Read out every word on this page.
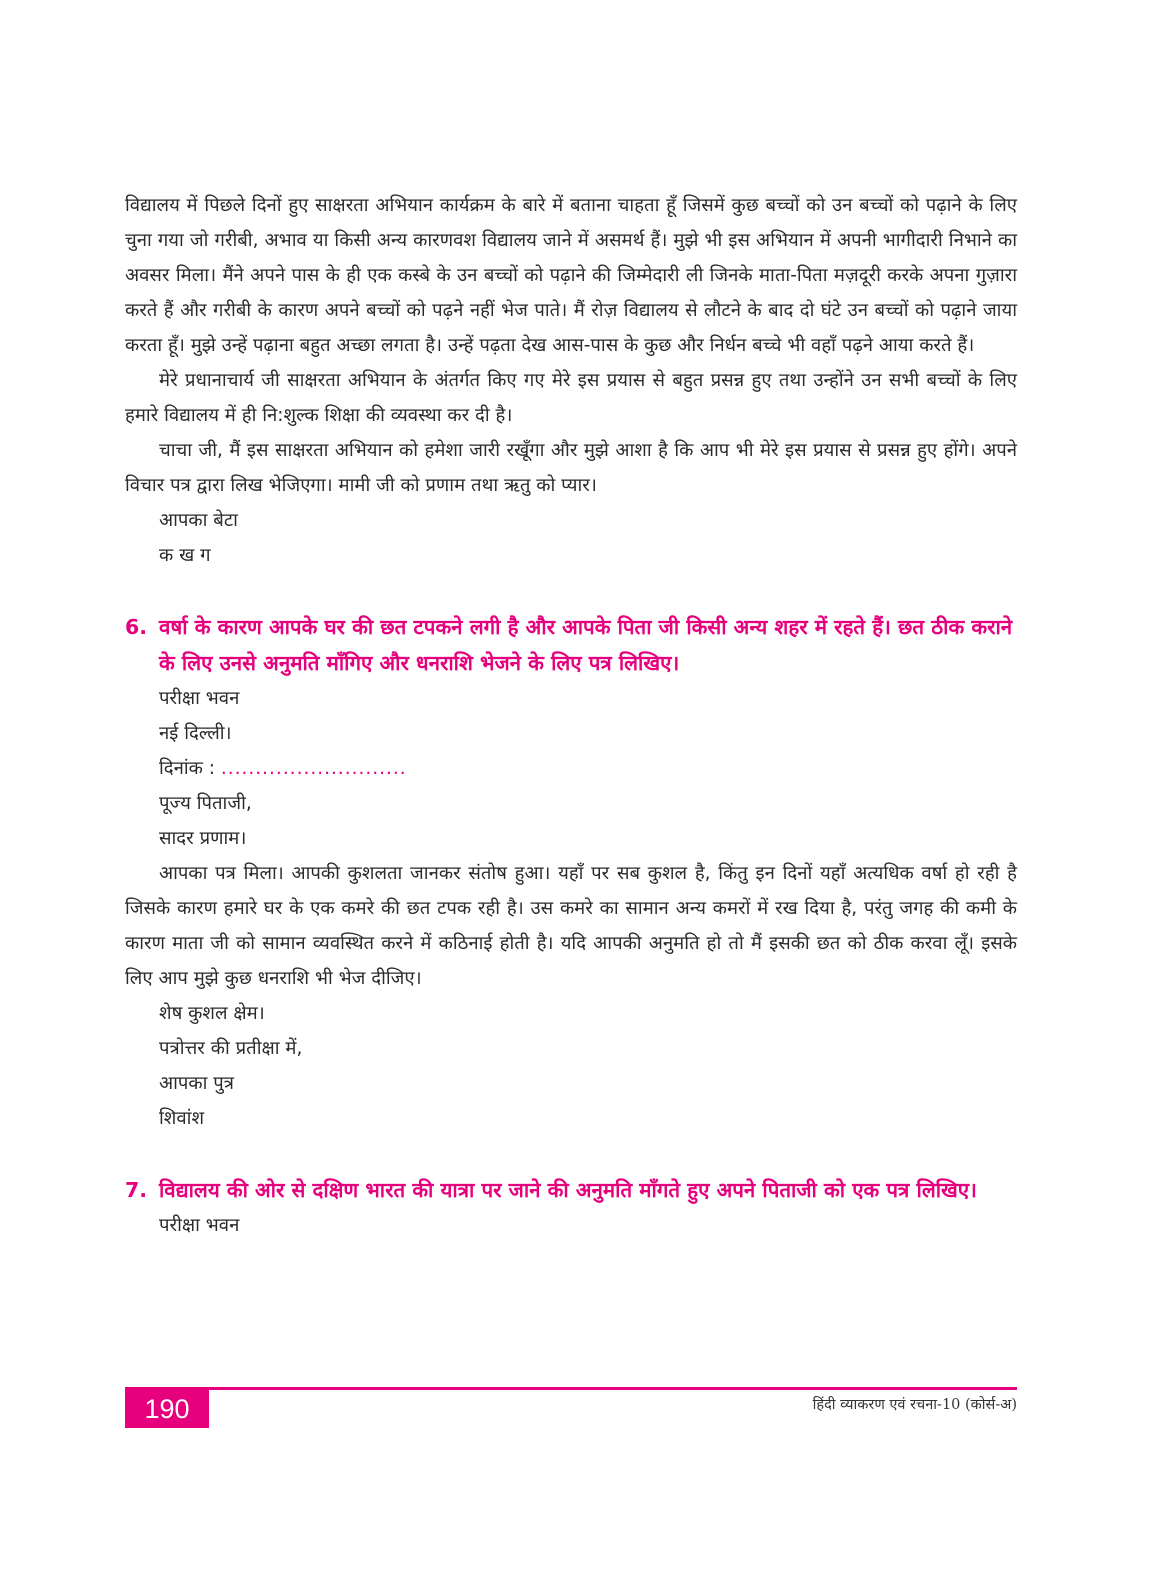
विद्यालय में पिछले दिनों हुए साक्षरता अभियान कार्यक्रम के बारे में बताना चाहता हूँ जिसमें कुछ बच्चों को उन बच्चों को पढ़ाने के लिए चुना गया जो गरीबी, अभाव या किसी अन्य कारणवश विद्यालय जाने में असमर्थ हैं। मुझे भी इस अभियान में अपनी भागीदारी निभाने का अवसर मिला। मैंने अपने पास के ही एक कस्बे के उन बच्चों को पढ़ाने की जिम्मेदारी ली जिनके माता-पिता मज़दूरी करके अपना गुज़ारा करते हैं और गरीबी के कारण अपने बच्चों को पढ़ने नहीं भेज पाते। मैं रोज़ विद्यालय से लौटने के बाद दो घंटे उन बच्चों को पढ़ाने जाया करता हूँ। मुझे उन्हें पढ़ाना बहुत अच्छा लगता है। उन्हें पढ़ता देख आस-पास के कुछ और निर्धन बच्चे भी वहाँ पढ़ने आया करते हैं।

मेरे प्रधानाचार्य जी साक्षरता अभियान के अंतर्गत किए गए मेरे इस प्रयास से बहुत प्रसन्न हुए तथा उन्होंने उन सभी बच्चों के लिए हमारे विद्यालय में ही नि:शुल्क शिक्षा की व्यवस्था कर दी है।

चाचा जी, मैं इस साक्षरता अभियान को हमेशा जारी रखूँगा और मुझे आशा है कि आप भी मेरे इस प्रयास से प्रसन्न हुए होंगे। अपने विचार पत्र द्वारा लिख भेजिएगा। मामी जी को प्रणाम तथा ऋतु को प्यार।

आपका बेटा

क ख ग

6. वर्षा के कारण आपके घर की छत टपकने लगी है और आपके पिता जी किसी अन्य शहर में रहते हैं। छत ठीक कराने के लिए उनसे अनुमति माँगिए और धनराशि भेजने के लिए पत्र लिखिए।

परीक्षा भवन

नई दिल्ली।

दिनांक : ...........................

पूज्य पिताजी,

सादर प्रणाम।

आपका पत्र मिला। आपकी कुशलता जानकर संतोष हुआ। यहाँ पर सब कुशल है, किंतु इन दिनों यहाँ अत्यधिक वर्षा हो रही है जिसके कारण हमारे घर के एक कमरे की छत टपक रही है। उस कमरे का सामान अन्य कमरों में रख दिया है, परंतु जगह की कमी के कारण माता जी को सामान व्यवस्थित करने में कठिनाई होती है। यदि आपकी अनुमति हो तो मैं इसकी छत को ठीक करवा लूँ। इसके लिए आप मुझे कुछ धनराशि भी भेज दीजिए।

शेष कुशल क्षेम।

पत्रोत्तर की प्रतीक्षा में,

आपका पुत्र

शिवांश

7. विद्यालय की ओर से दक्षिण भारत की यात्रा पर जाने की अनुमति माँगते हुए अपने पिताजी को एक पत्र लिखिए।

परीक्षा भवन

190	हिंदी व्याकरण एवं रचना-10 (कोर्स-अ)
